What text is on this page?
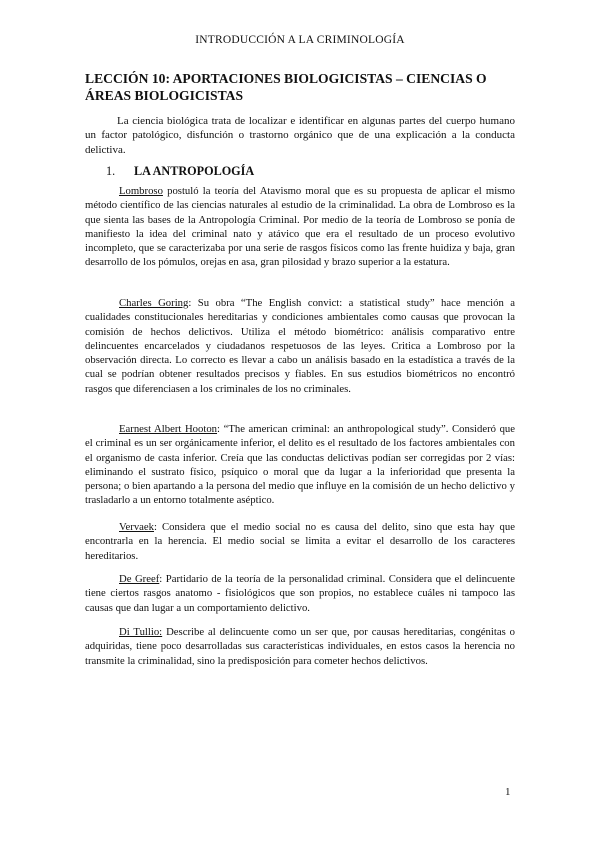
INTRODUCCIÓN A LA CRIMINOLOGÍA
LECCIÓN 10: APORTACIONES BIOLOGICISTAS – CIENCIAS O ÁREAS BIOLOGICISTAS

La ciencia biológica trata de localizar e identificar en algunas partes del cuerpo humano un factor patológico, disfunción o trastorno orgánico que de una explicación a la conducta delictiva.

1. LA ANTROPOLOGÍA

Lombroso postuló la teoría del Atavismo moral que es su propuesta de aplicar el mismo método científico de las ciencias naturales al estudio de la criminalidad. La obra de Lombroso es la que sienta las bases de la Antropología Criminal. Por medio de la teoría de Lombroso se ponía de manifiesto la idea del criminal nato y atávico que era el resultado de un proceso evolutivo incompleto, que se caracterizaba por una serie de rasgos físicos como las frente huidiza y baja, gran desarrollo de los pómulos, orejas en asa, gran pilosidad y brazo superior a la estatura.

Charles Goring: Su obra “The English convict: a statistical study” hace mención a cualidades constitucionales hereditarias y condiciones ambientales como causas que provocan la comisión de hechos delictivos. Utiliza el método biométrico: análisis comparativo entre delincuentes encarcelados y ciudadanos respetuosos de las leyes. Critica a Lombroso por la observación directa. Lo correcto es llevar a cabo un análisis basado en la estadística a través de la cual se podrían obtener resultados precisos y fiables. En sus estudios biométricos no encontró rasgos que diferenciasen a los criminales de los no criminales.

Earnest Albert Hooton: “The american criminal: an anthropological study”. Consideró que el criminal es un ser orgánicamente inferior, el delito es el resultado de los factores ambientales con el organismo de casta inferior. Creía que las conductas delictivas podían ser corregidas por 2 vías: eliminando el sustrato físico, psíquico o moral que da lugar a la inferioridad que presenta la persona; o bien apartando a la persona del medio que influye en la comisión de un hecho delictivo y trasladarlo a un entorno totalmente aséptico.

Vervaek: Considera que el medio social no es causa del delito, sino que esta hay que encontrarla en la herencia. El medio social se limita a evitar el desarrollo de los caracteres hereditarios.

De Greef: Partidario de la teoría de la personalidad criminal. Considera que el delincuente tiene ciertos rasgos anatomo - fisiológicos que son propios, no establece cuáles ni tampoco las causas que dan lugar a un comportamiento delictivo.

Di Tullio: Describe al delincuente como un ser que, por causas hereditarias, congénitas o adquiridas, tiene poco desarrolladas sus características individuales, en estos casos la herencia no transmite la criminalidad, sino la predisposición para cometer hechos delictivos.

1
